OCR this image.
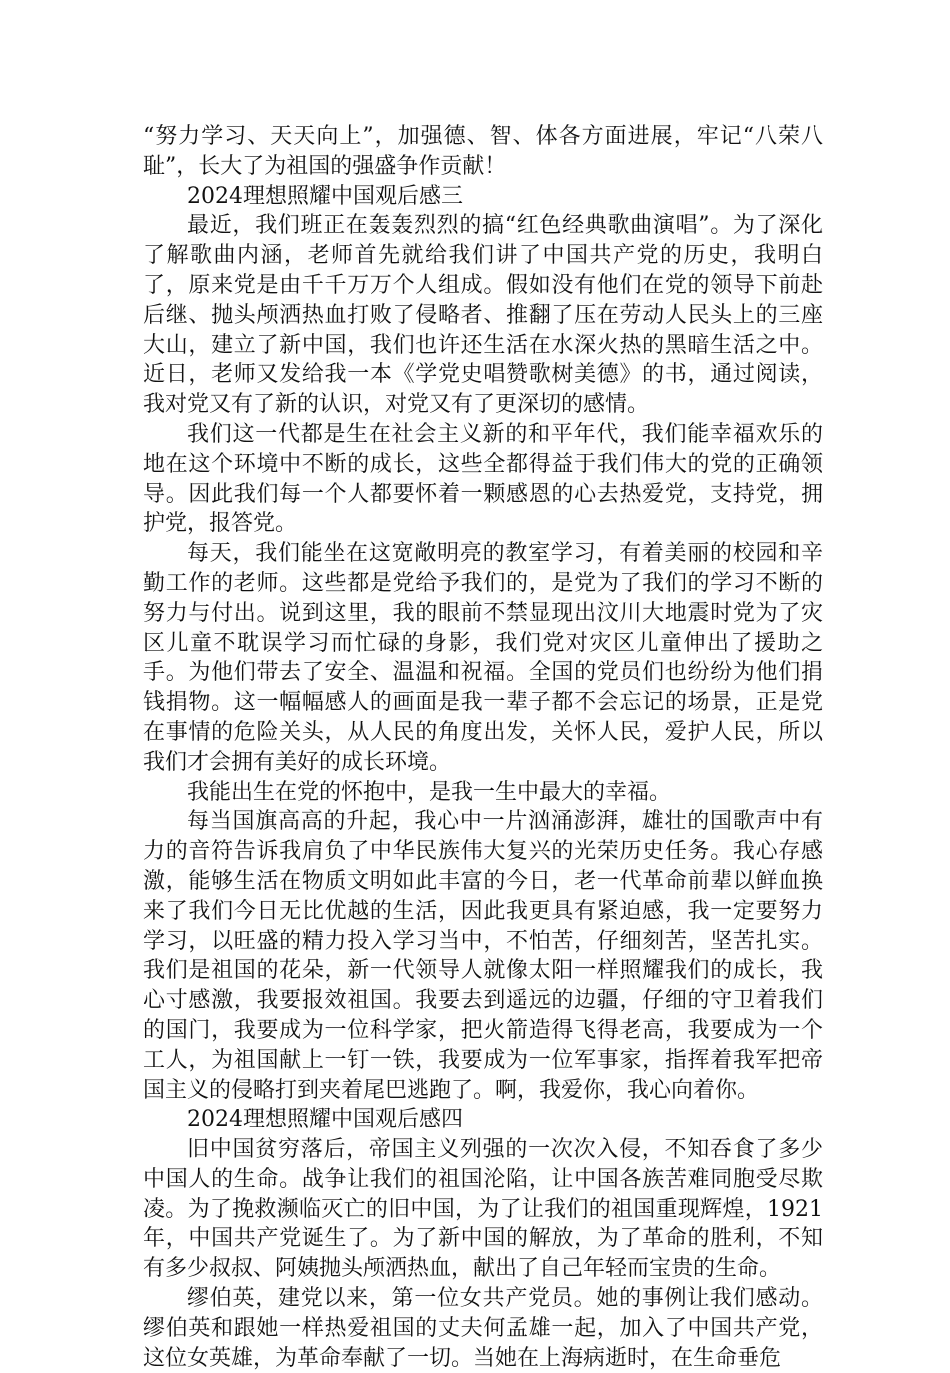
“努力学习、天天向上”，加强德、智、体各方面进展，牢记“八荣八耻”，长大了为祖国的强盛争作贡献！

2024理想照耀中国观后感三

最近，我们班正在轰轰烈烈的搞“红色经典歌曲演唱”。为了深化了解歌曲内涵，老师首先就给我们讲了中国共产党的历史，我明白了，原来党是由千千万万个人组成。假如没有他们在党的领导下前赴后继、抛头颅洒热血打败了侵略者、推翻了压在劳动人民头上的三座大山，建立了新中国，我们也许还生活在水深火热的黑暗生活之中。近日，老师又发给我一本《学党史唱赞歌树美德》的书，通过阅读，我对党又有了新的认识，对党又有了更深切的感情。

我们这一代都是生在社会主义新的和平年代，我们能幸福欢乐的地在这个环境中不断的成长，这些全都得益于我们伟大的党的正确领导。因此我们每一个人都要怀着一颗感恩的心去热爱党，支持党，拥护党，报答党。

每天，我们能坐在这宽敞明亮的教室学习，有着美丽的校园和辛勤工作的老师。这些都是党给予我们的，是党为了我们的学习不断的努力与付出。说到这里，我的眼前不禁显现出汶川大地震时党为了灾区儿童不耽误学习而忙碌的身影，我们党对灾区儿童伸出了援助之手。为他们带去了安全、温温和祝福。全国的党员们也纷纷为他们捐钱捐物。这一幅幅感人的画面是我一辈子都不会忘记的场景，正是党在事情的危险关头，从人民的角度出发，关怀人民，爱护人民，所以我们才会拥有美好的成长环境。

我能出生在党的怀抱中，是我一生中最大的幸福。

每当国旗高高的升起，我心中一片汹涌澎湃，雄壮的国歌声中有力的音符告诉我肩负了中华民族伟大复兴的光荣历史任务。我心存感激，能够生活在物质文明如此丰富的今日，老一代革命前辈以鲜血换来了我们今日无比优越的生活，因此我更具有紧迫感，我一定要努力学习，以旺盛的精力投入学习当中，不怕苦，仔细刻苦，坚苦扎实。我们是祖国的花朵，新一代领导人就像太阳一样照耀我们的成长，我心寸感激，我要报效祖国。我要去到遥远的边疆，仔细的守卫着我们的国门，我要成为一位科学家，把火箭造得飞得老高，我要成为一个工人，为祖国献上一钉一铁，我要成为一位军事家，指挥着我军把帝国主义的侵略打到夹着尾巴逃跑了。啊，我爱你，我心向着你。

2024理想照耀中国观后感四

旧中国贫穷落后，帝国主义列强的一次次入侵，不知吞食了多少中国人的生命。战争让我们的祖国沦陷，让中国各族苦难同胞受尽欺凌。为了挽救濒临灭亡的旧中国，为了让我们的祖国重现辉煌，1921年，中国共产党诞生了。为了新中国的解放，为了革命的胜利，不知有多少叔叔、阿姨抛头颅洒热血，献出了自己年轻而宝贵的生命。

缪伯英，建党以来，第一位女共产党员。她的事例让我们感动。缪伯英和跟她一样热爱祖国的丈夫何孟雄一起，加入了中国共产党，这位女英雄，为革命奉献了一切。当她在上海病逝时，在生命垂危
